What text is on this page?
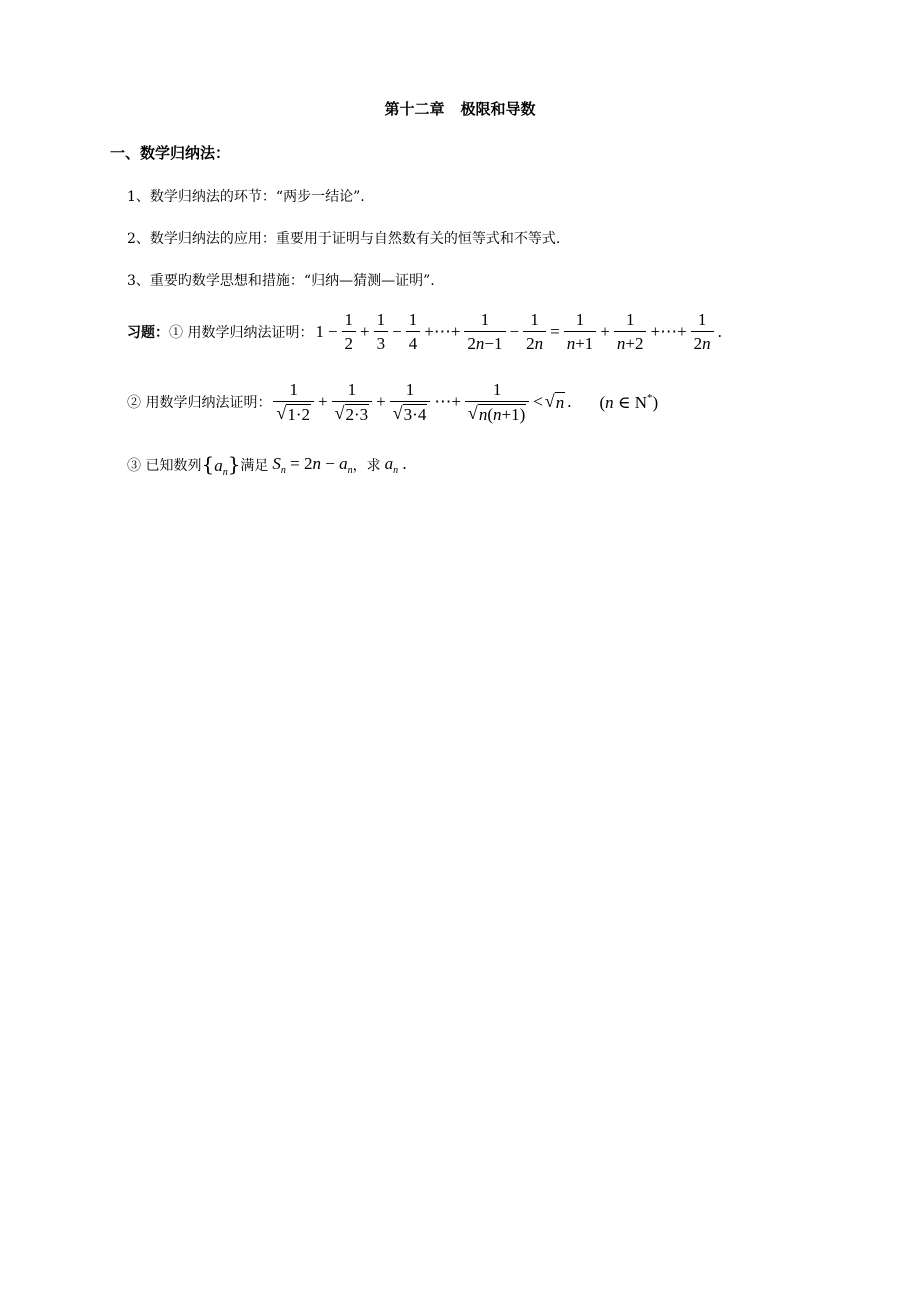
第十二章 极限和导数
一、数学归纳法：
1、数学归纳法的环节：“两步一结论”.
2、数学归纳法的应用：重要用于证明与自然数有关的恒等式和不等式.
3、重要旳数学思想和措施：“归纳—猜测—证明”.
习题： ① 用数学归纳法证明： $1 - \frac{1}{2} + \frac{1}{3} - \frac{1}{4}$ +⋯+ $\frac{1}{2n-1} - \frac{1}{2n} = \frac{1}{n+1} + \frac{1}{n+2}$ +⋯+ $\frac{1}{2n}$ .
② 用数学归纳法证明： $\frac{1}{√ 1\cdot 2} + \frac{1}{√ 2\cdot 3} + \frac{1}{√ 3\cdot 4}$ ⋯+ $\frac{1}{√ n(n+1)}$ < √ n . (n ∈ N*)
③ 已知数列 $\{a_n\}$ 满足 $S_n = 2n - a_n$ ，求 $a_n$ .
